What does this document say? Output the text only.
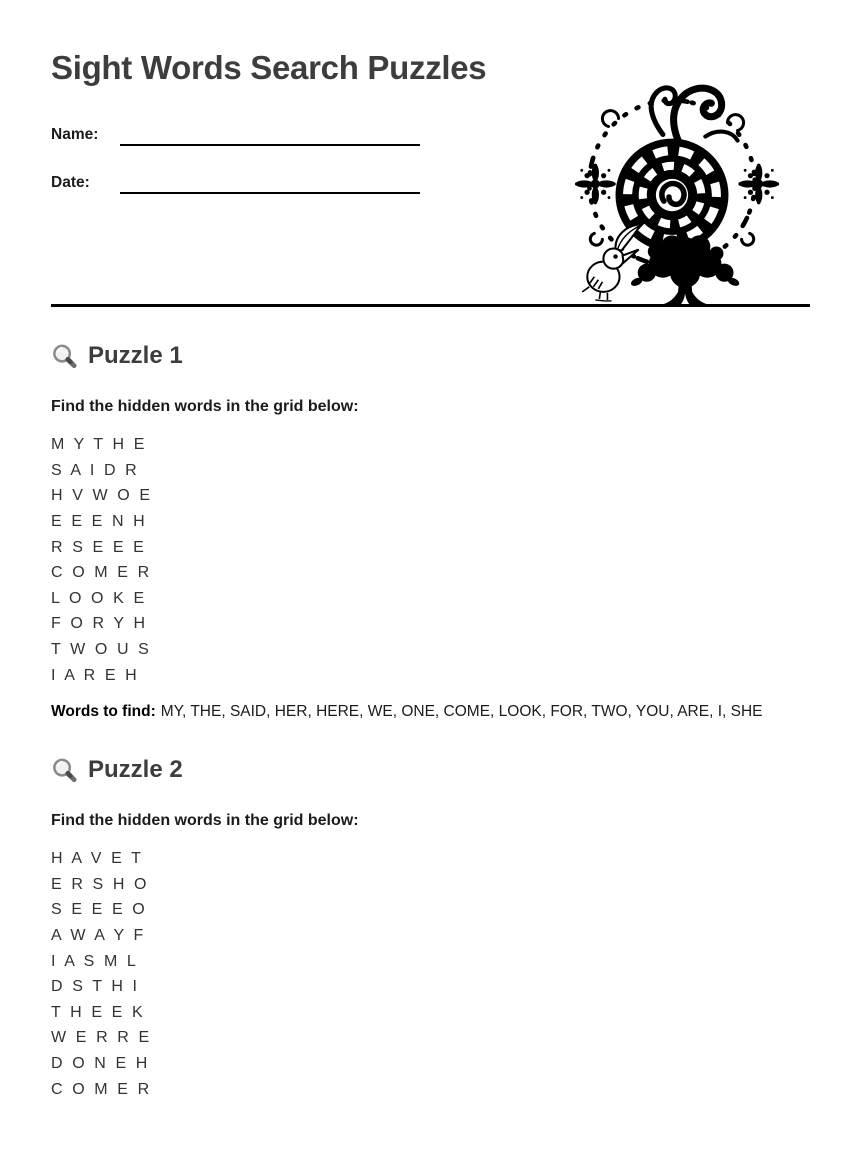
Sight Words Search Puzzles
Name:
Date:
Puzzle 1

Find the hidden words in the grid below:

M Y T H E
S A I D R
H V W O E
E E E N H
R S E E E
C O M E R
L O O K E
F O R Y H
T W O U S
I A R E H

Words to find: MY, THE, SAID, HER, HERE, WE, ONE, COME, LOOK, FOR, TWO, YOU, ARE, I, SHE

Puzzle 2

Find the hidden words in the grid below:

H A V E T
E R S H O
S E E E O
A W A Y F
I A S M L
D S T H I
T H E E K
W E R R E
D O N E H
C O M E R
